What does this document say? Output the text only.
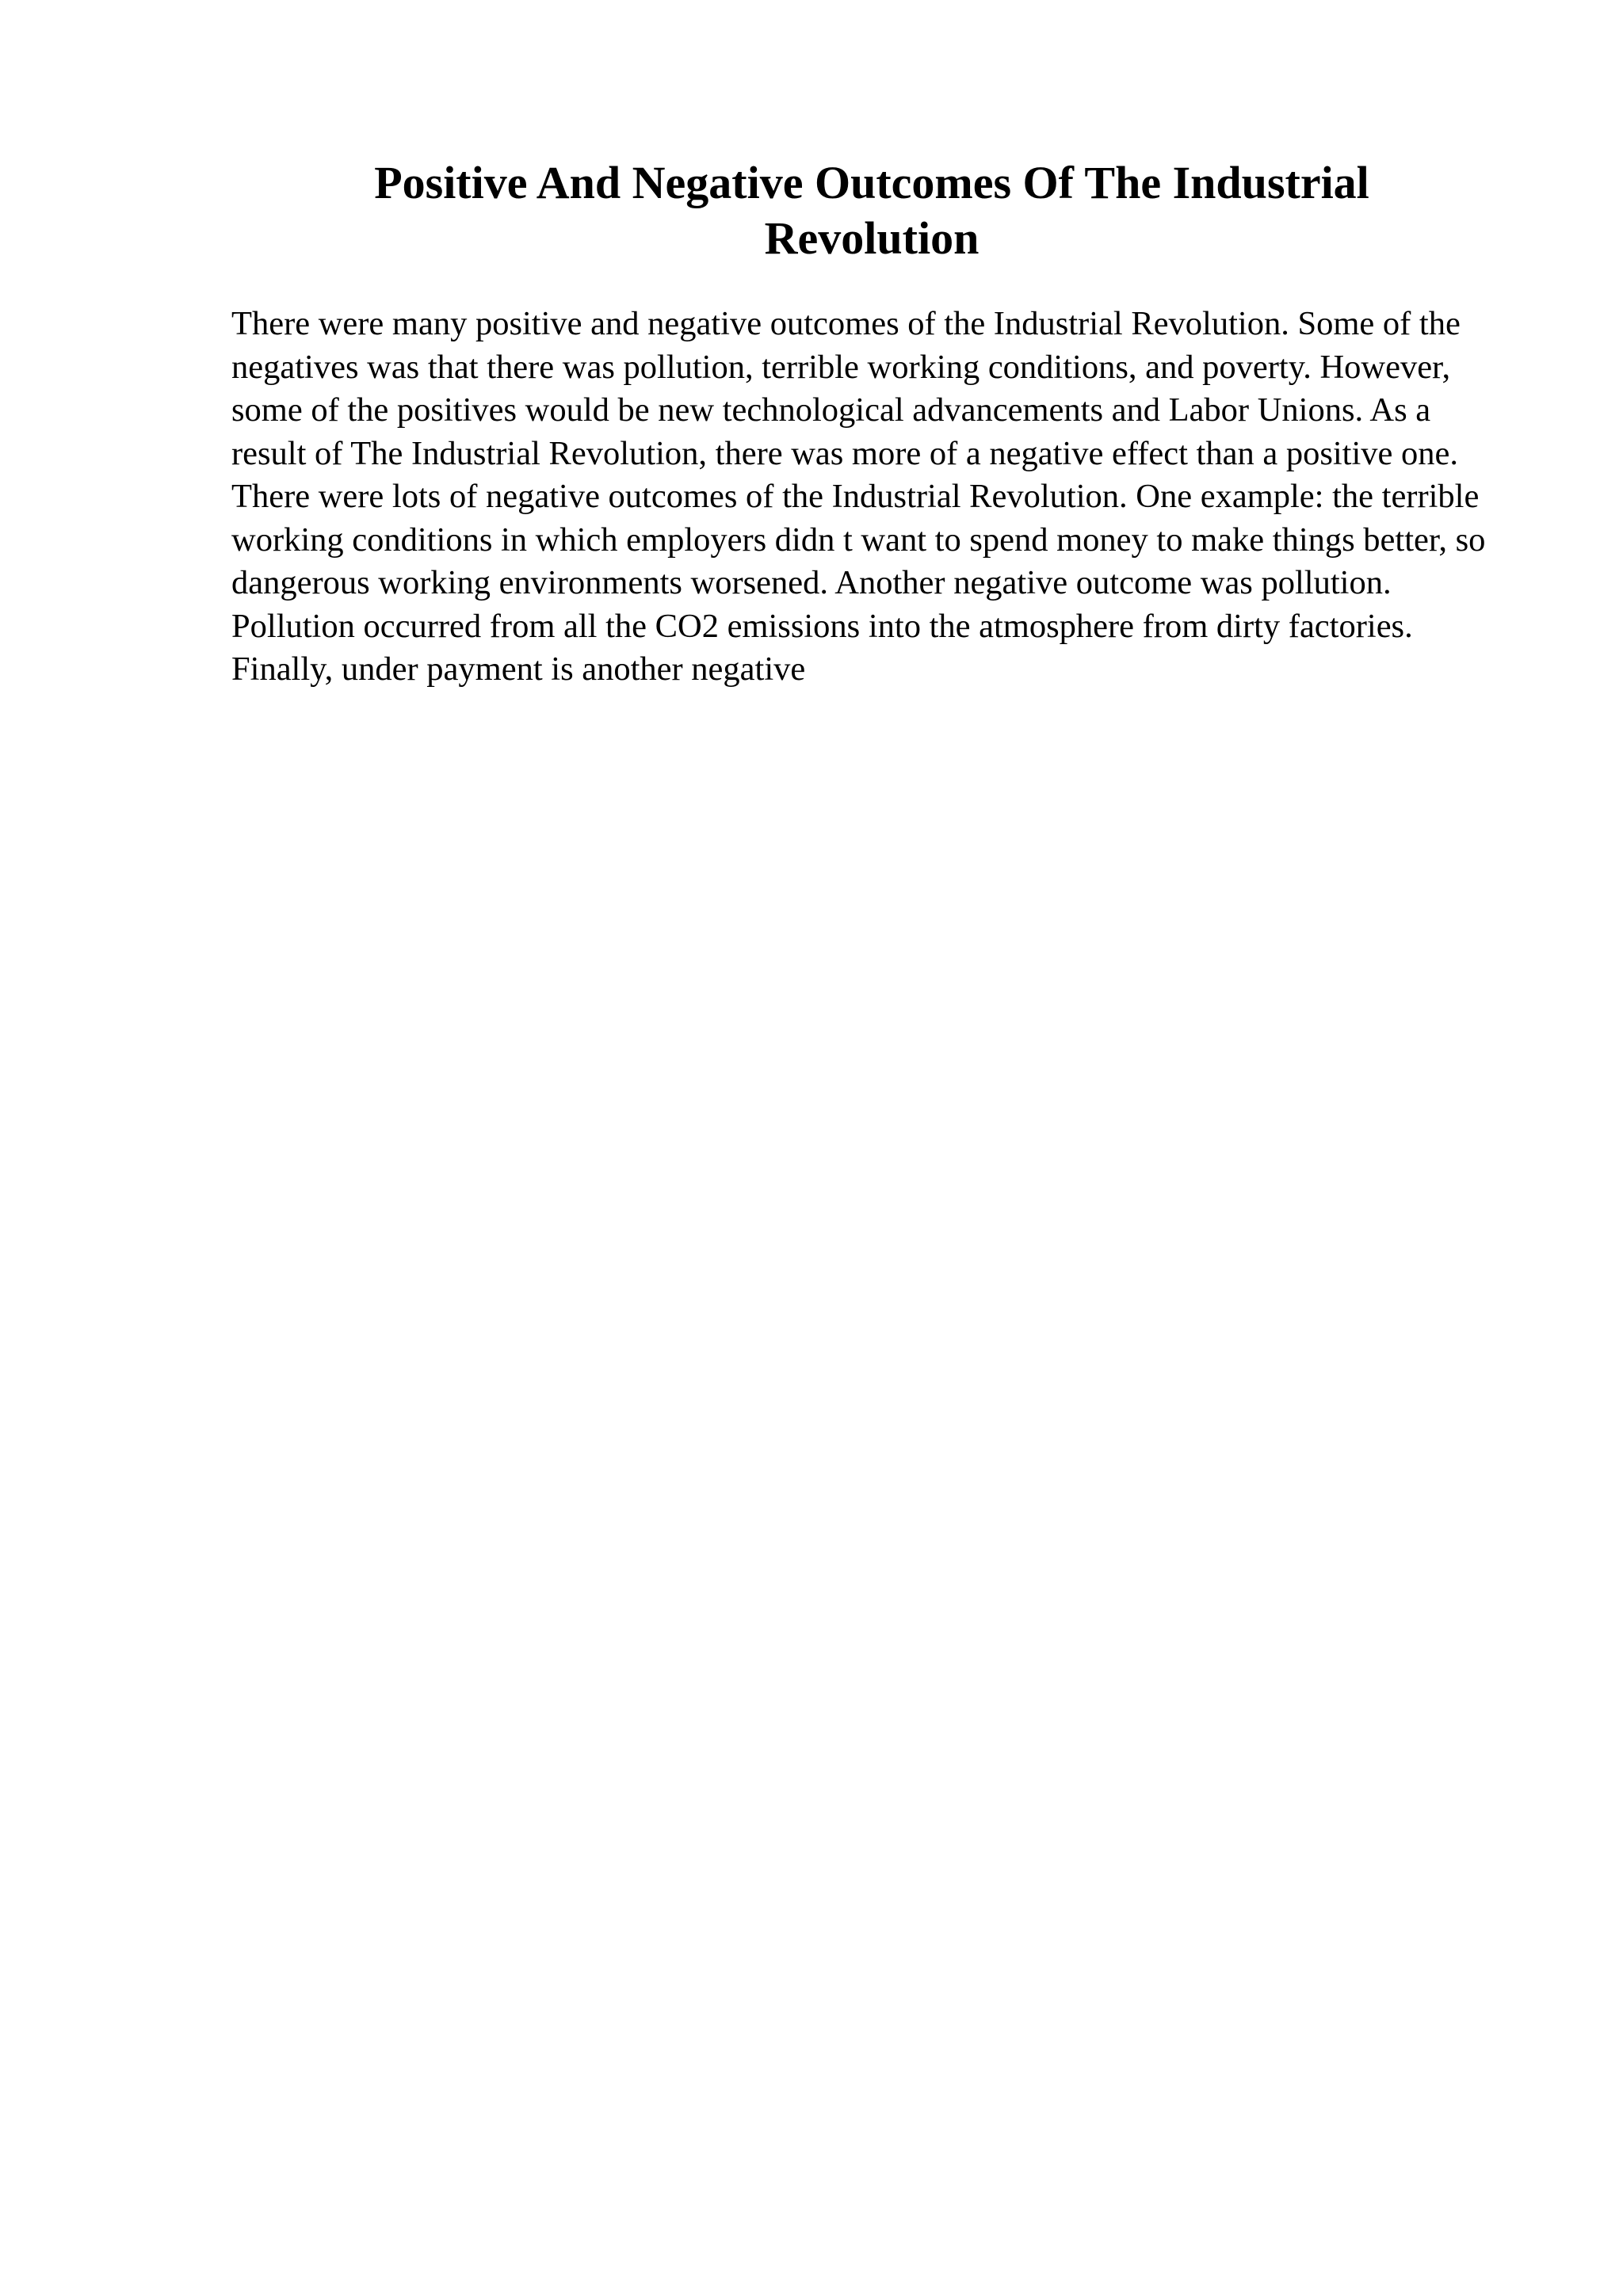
Positive And Negative Outcomes Of The Industrial Revolution

There were many positive and negative outcomes of the Industrial Revolution. Some of the negatives was that there was pollution, terrible working conditions, and poverty. However, some of the positives would be new technological advancements and Labor Unions. As a result of The Industrial Revolution, there was more of a negative effect than a positive one.

There were lots of negative outcomes of the Industrial Revolution. One example: the terrible working conditions in which employers didn t want to spend money to make things better, so dangerous working environments worsened. Another negative outcome was pollution. Pollution occurred from all the CO2 emissions into the atmosphere from dirty factories. Finally, under payment is another negative
